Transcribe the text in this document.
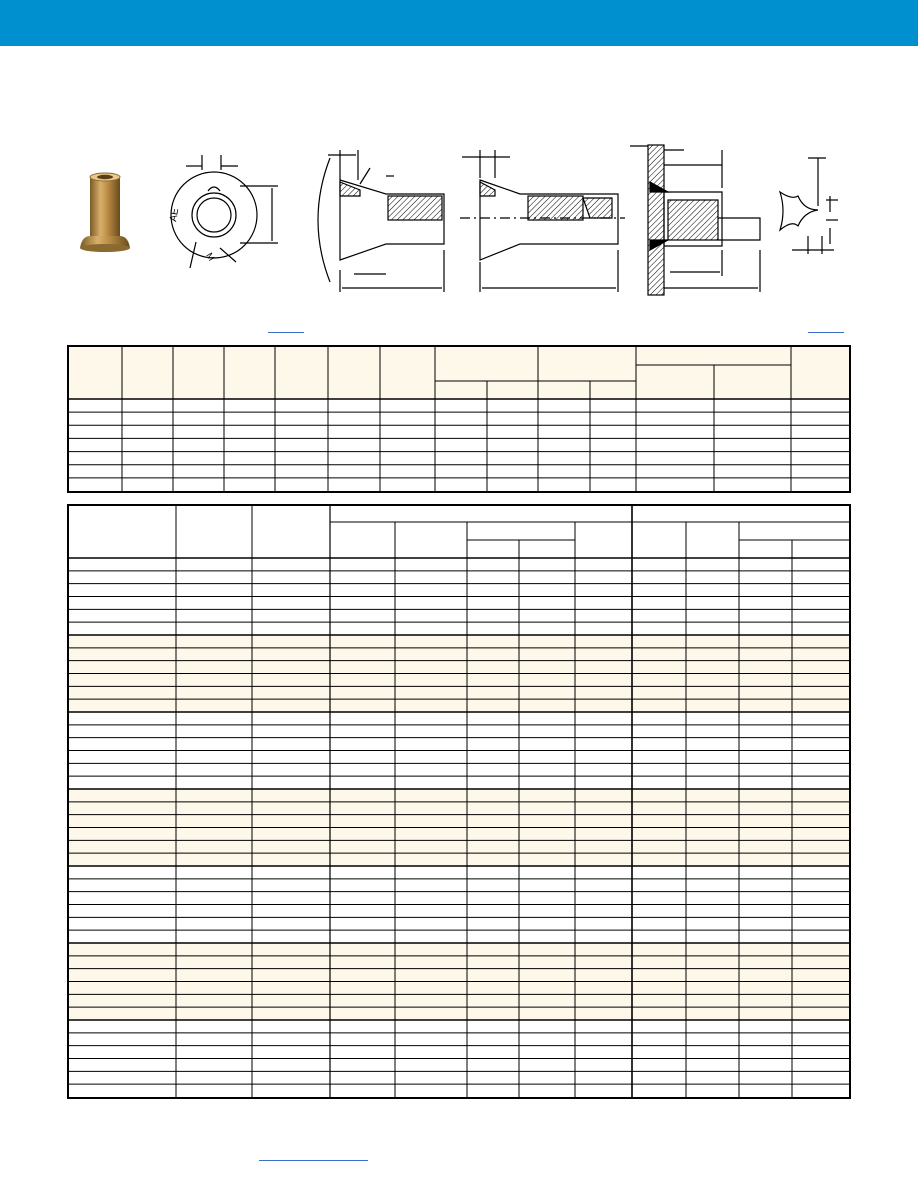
AE
M
